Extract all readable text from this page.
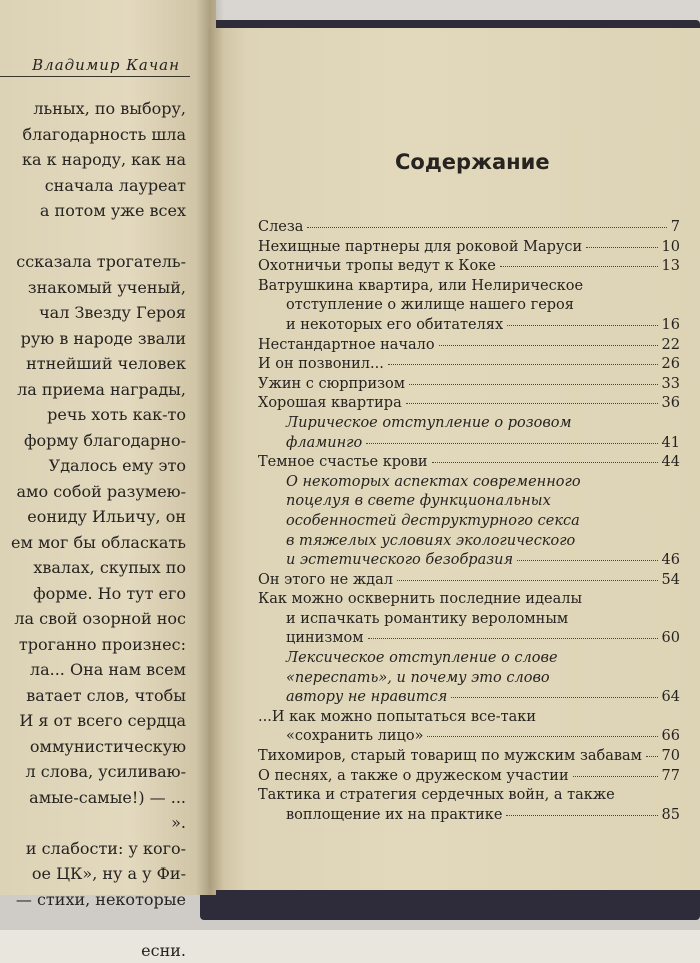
Владимир Качан
льных, по выбору,
благодарность шла
ка к народу, как на
сначала лауреат
а потом уже всех

ссказала трогатель-
знакомый ученый,
чал Звезду Героя
рую в народе звали
нтнейший человек
ла приема награды,
речь хоть как-то
форму благодарно-
Удалось ему это
амо собой разумею-
еониду Ильичу, он
ем мог бы обласкать
хвалах, скупых по
форме. Но тут его
ла свой озорной нос
троганно произнес:
ла... Она нам всем
ватает слов, чтобы
И я от всего сердца
оммунистическую
л слова, усиливаю-
амые-самые!) — ...
».
и слабости: у кого-
ое ЦК», ну а у Фи-
— стихи, некоторые

есни.
Содержание
Слеза	7
Нехищные партнеры для роковой Маруси	10
Охотничьи тропы ведут к Коке	13
Ватрушкина квартира, или Нелирическое
отступление о жилище нашего героя
и некоторых его обитателях	16
Нестандартное начало	22
И он позвонил...	26
Ужин с сюрпризом	33
Хорошая квартира	36
Лирическое отступление о розовом
фламинго	41
Темное счастье крови	44
О некоторых аспектах современного
поцелуя в свете функциональных
особенностей деструктурного секса
в тяжелых условиях экологического
и эстетического безобразия	46
Он этого не ждал	54
Как можно осквернить последние идеалы
и испачкать романтику вероломным
цинизмом	60
Лексическое отступление о слове
«переспать», и почему это слово
автору не нравится	64
...И как можно попытаться все-таки
«сохранить лицо»	66
Тихомиров, старый товарищ по мужским забавам 70
О песнях, а также о дружеском участии	77
Тактика и стратегия сердечных войн, а также
воплощение их на практике	85
